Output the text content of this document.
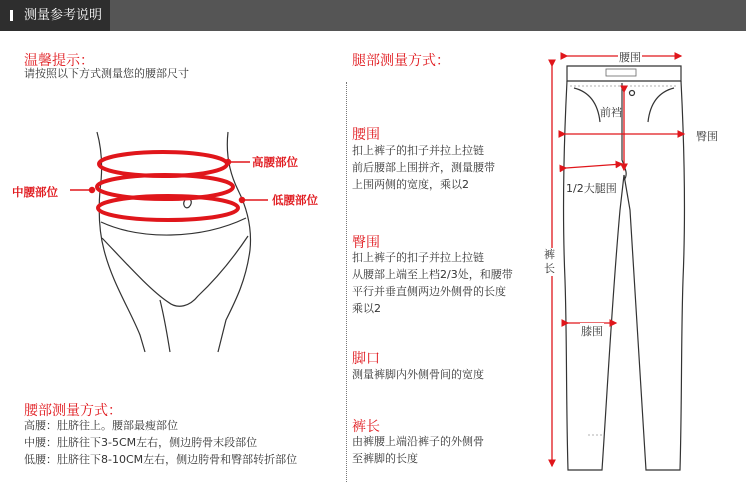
测量参考说明
温馨提示：
请按照以下方式测量您的腰部尺寸
高腰部位
中腰部位
低腰部位
腰部测量方式：
高腰：肚脐往上。腰部最瘦部位
中腰：肚脐往下3-5CM左右，侧边胯骨末段部位
低腰：肚脐往下8-10CM左右，侧边胯骨和臀部转折部位
腿部测量方式：
腰围
扣上裤子的扣子并拉上拉链
前后腰部上围拼齐，测量腰带
上围两侧的宽度，乘以2
臀围
扣上裤子的扣子并拉上拉链
从腰部上端至上档2/3处，和腰带
平行并垂直侧两边外侧骨的长度
乘以2
脚口
测量裤脚内外侧骨间的宽度
裤长
由裤腰上端沿裤子的外侧骨
至裤脚的长度
腰围
前裆
臀围
1/2大腿围
裤长
膝围
